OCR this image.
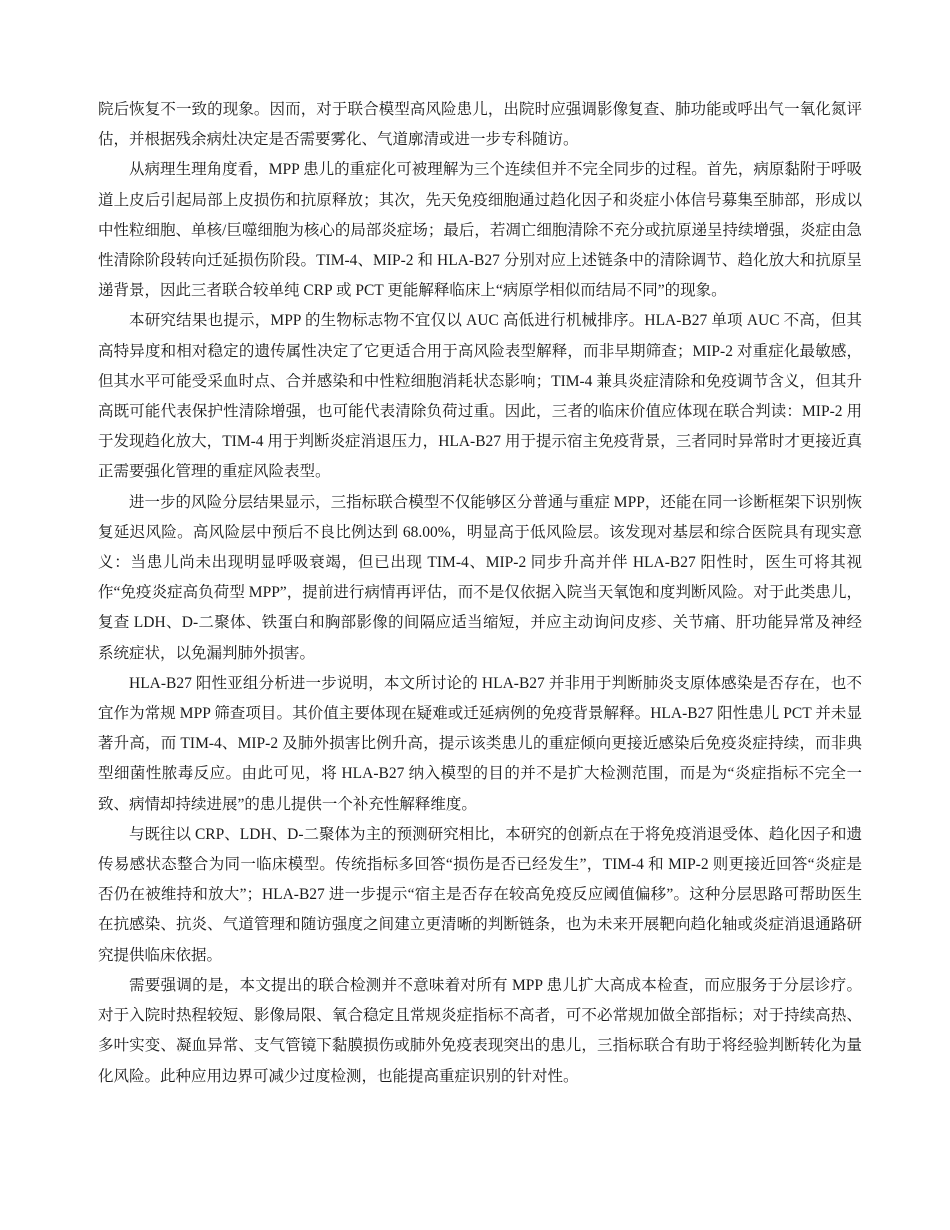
院后恢复不一致的现象。因而，对于联合模型高风险患儿，出院时应强调影像复查、肺功能或呼出气一氧化氮评估，并根据残余病灶决定是否需要雾化、气道廓清或进一步专科随访。

从病理生理角度看，MPP 患儿的重症化可被理解为三个连续但并不完全同步的过程。首先，病原黏附于呼吸道上皮后引起局部上皮损伤和抗原释放；其次，先天免疫细胞通过趋化因子和炎症小体信号募集至肺部，形成以中性粒细胞、单核/巨噬细胞为核心的局部炎症场；最后，若凋亡细胞清除不充分或抗原递呈持续增强，炎症由急性清除阶段转向迁延损伤阶段。TIM-4、MIP-2 和 HLA-B27 分别对应上述链条中的清除调节、趋化放大和抗原呈递背景，因此三者联合较单纯 CRP 或 PCT 更能解释临床上“病原学相似而结局不同”的现象。

本研究结果也提示，MPP 的生物标志物不宜仅以 AUC 高低进行机械排序。HLA-B27 单项 AUC 不高，但其高特异度和相对稳定的遗传属性决定了它更适合用于高风险表型解释，而非早期筛查；MIP-2 对重症化最敏感，但其水平可能受采血时点、合并感染和中性粒细胞消耗状态影响；TIM-4 兼具炎症清除和免疫调节含义，但其升高既可能代表保护性清除增强，也可能代表清除负荷过重。因此，三者的临床价值应体现在联合判读：MIP-2 用于发现趋化放大，TIM-4 用于判断炎症消退压力，HLA-B27 用于提示宿主免疫背景，三者同时异常时才更接近真正需要强化管理的重症风险表型。

进一步的风险分层结果显示，三指标联合模型不仅能够区分普通与重症 MPP，还能在同一诊断框架下识别恢复延迟风险。高风险层中预后不良比例达到 68.00%，明显高于低风险层。该发现对基层和综合医院具有现实意义：当患儿尚未出现明显呼吸衰竭，但已出现 TIM-4、MIP-2 同步升高并伴 HLA-B27 阳性时，医生可将其视作“免疫炎症高负荷型 MPP”，提前进行病情再评估，而不是仅依据入院当天氧饱和度判断风险。对于此类患儿，复查 LDH、D-二聚体、铁蛋白和胸部影像的间隔应适当缩短，并应主动询问皮疹、关节痛、肝功能异常及神经系统症状，以免漏判肺外损害。

HLA-B27 阳性亚组分析进一步说明，本文所讨论的 HLA-B27 并非用于判断肺炎支原体感染是否存在，也不宜作为常规 MPP 筛查项目。其价值主要体现在疑难或迁延病例的免疫背景解释。HLA-B27 阳性患儿 PCT 并未显著升高，而 TIM-4、MIP-2 及肺外损害比例升高，提示该类患儿的重症倾向更接近感染后免疫炎症持续，而非典型细菌性脓毒反应。由此可见，将 HLA-B27 纳入模型的目的并不是扩大检测范围，而是为“炎症指标不完全一致、病情却持续进展”的患儿提供一个补充性解释维度。

与既往以 CRP、LDH、D-二聚体为主的预测研究相比，本研究的创新点在于将免疫消退受体、趋化因子和遗传易感状态整合为同一临床模型。传统指标多回答“损伤是否已经发生”，TIM-4 和 MIP-2 则更接近回答“炎症是否仍在被维持和放大”；HLA-B27 进一步提示“宿主是否存在较高免疫反应阈值偏移”。这种分层思路可帮助医生在抗感染、抗炎、气道管理和随访强度之间建立更清晰的判断链条，也为未来开展靶向趋化轴或炎症消退通路研究提供临床依据。

需要强调的是，本文提出的联合检测并不意味着对所有 MPP 患儿扩大高成本检查，而应服务于分层诊疗。对于入院时热程较短、影像局限、氧合稳定且常规炎症指标不高者，可不必常规加做全部指标；对于持续高热、多叶实变、凝血异常、支气管镜下黏膜损伤或肺外免疫表现突出的患儿，三指标联合有助于将经验判断转化为量化风险。此种应用边界可减少过度检测，也能提高重症识别的针对性。
